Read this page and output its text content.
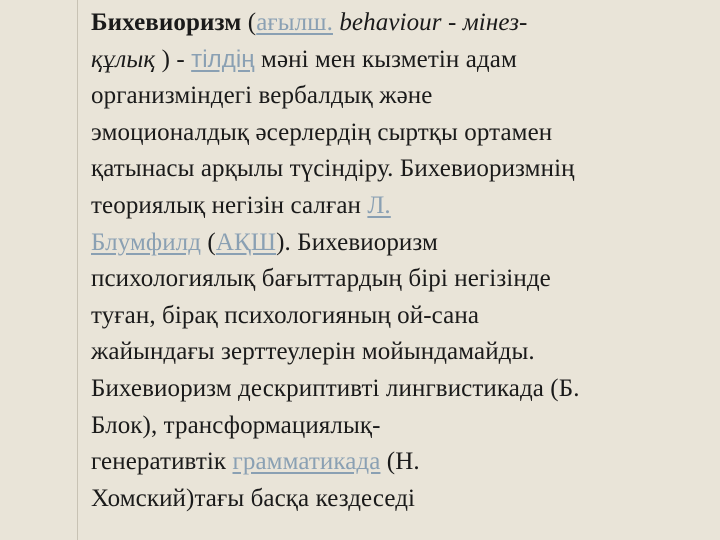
Бихевиоризм (ағылш. behaviour - мінез-
құлық ) - тілдің мәні мен кызметін адам
организміндегі вербалдық және
эмоционалдық әсерлердің сыртқы ортамен
қатынасы арқылы түсіндіру. Бихевиоризмнің
теориялық негізін салған Л.
Блумфилд (АҚШ). Бихевиоризм
психологиялық бағыттардың бірі негізінде
туған, бірақ психологияның ой-сана
жайындағы зерттеулерін мойындамайды.
Бихевиоризм дескриптивті лингвистикада (Б.
Блок), трансформациялық-
генеративтік грамматикада (Н.
Хомский)тағы басқа кездеседі
